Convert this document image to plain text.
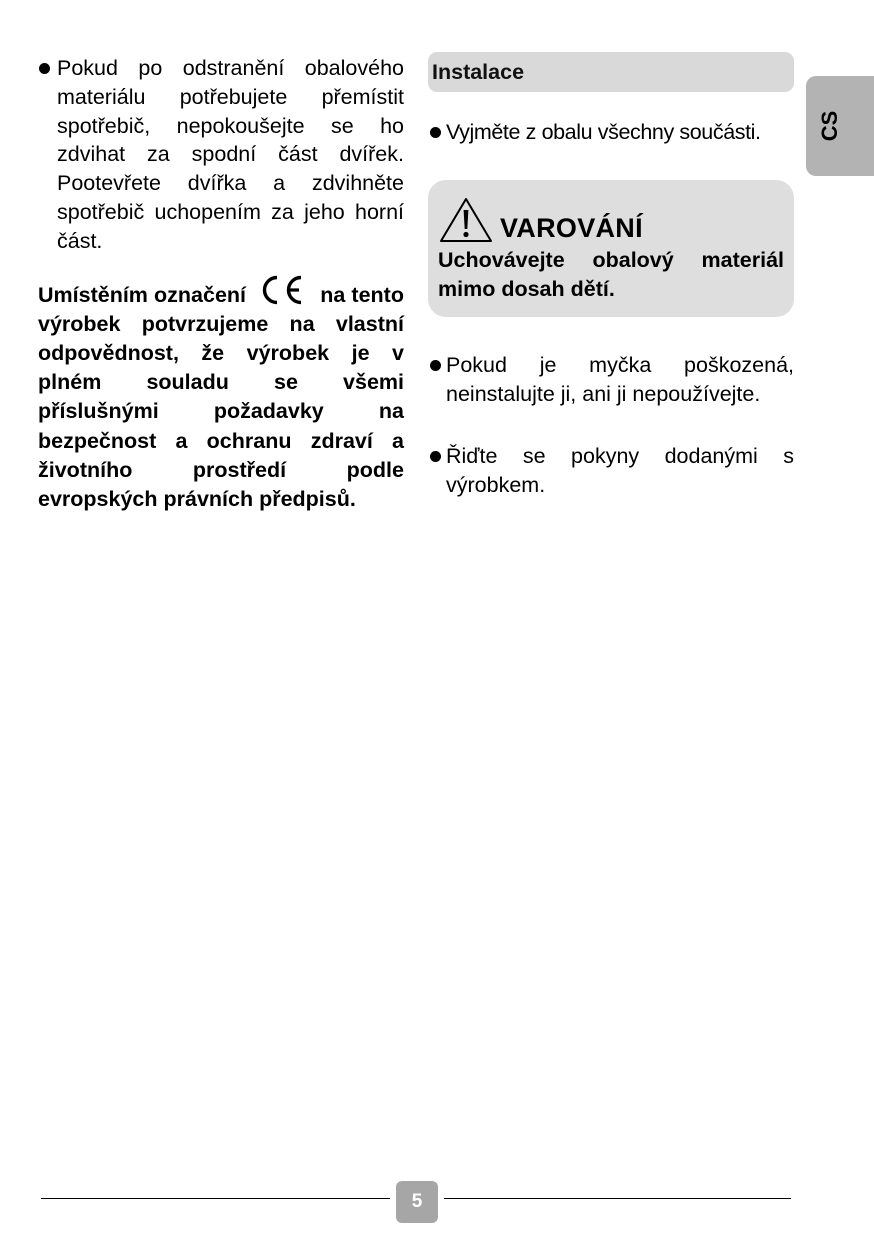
Pokud po odstranění obalového materiálu potřebujete přemístit spotřebič, nepokoušejte se ho zdvihat za spodní část dvířek. Pootevřete dvířka a zdvihněte spotřebič uchopením za jeho horní část.
Umístěním označení	na tento výrobek potvrzujeme na vlastní odpovědnost, že výrobek je v plném souladu se všemi příslušnými požadavky na bezpečnost a ochranu zdraví a životního prostředí podle evropských právních předpisů.
Instalace
Vyjměte z obalu všechny součásti.
VAROVÁNÍ
Uchovávejte obalový materiál mimo dosah dětí.
Pokud je myčka poškozená, neinstalujte ji, ani ji nepoužívejte.
Řiďte se pokyny dodanými s výrobkem.
CS
5
